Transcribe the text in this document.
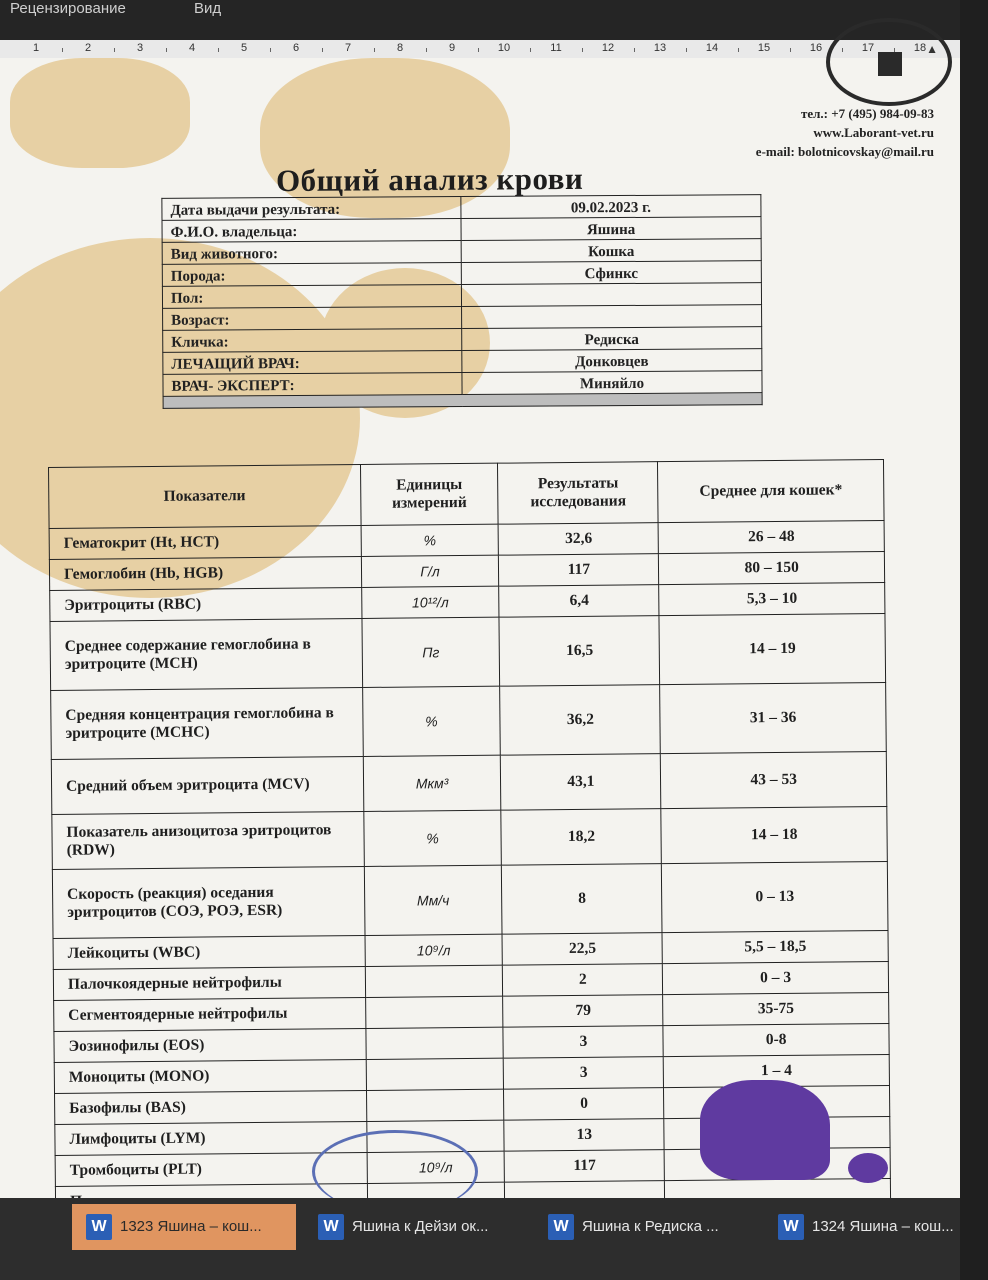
Рецензирование	Вид
▲
1	2	3	4	5	6	7	8	9	10	11	12	13	14	15	16	17	18
тел.: +7 (495) 984-09-83
www.Laborant-vet.ru
e-mail: bolotnicovskay@mail.ru
Общий анализ крови
Дата выдачи результата:	09.02.2023 г.
Ф.И.О. владельца:	Яшина
Вид животного:	Кошка
Порода:	Сфинкс
Пол:	
Возраст:	
Кличка:	Редиска
ЛЕЧАЩИЙ ВРАЧ:	Донковцев
ВРАЧ- ЭКСПЕРТ:	Миняйло

Показатели	Единицы измерений	Результаты исследования	Среднее для кошек*
Гематокрит (Ht, HCT)	%	32,6	26 – 48
Гемоглобин (Hb, HGB)	Г/л	117	80 – 150
Эритроциты (RBC)	10¹²/л	6,4	5,3 – 10
Среднее содержание гемоглобина в эритроците (MCH)	Пг	16,5	14 – 19
Средняя концентрация гемоглобина в эритроците (MCHC)	%	36,2	31 – 36
Средний объем эритроцита (MCV)	Мкм³	43,1	43 – 53
Показатель анизоцитоза эритроцитов (RDW)	%	18,2	14 – 18
Скорость (реакция) оседания эритроцитов (СОЭ, РОЭ, ESR)	Мм/ч	8	0 – 13
Лейкоциты (WBC)	10⁹/л	22,5	5,5 – 18,5
Палочкоядерные нейтрофилы		2	0 – 3
Сегментоядерные нейтрофилы		79	35-75
Эозинофилы (EOS)		3	0-8
Моноциты (MONO)		3	1 – 4
Базофилы (BAS)		0	
Лимфоциты (LYM)		13	
Тромбоциты (PLT)	10⁹/л	117	

W 1323 Яшина – кош...	W Яшина к Дейзи ок...	W Яшина к Редиска ...	W 1324 Яшина – кош...
